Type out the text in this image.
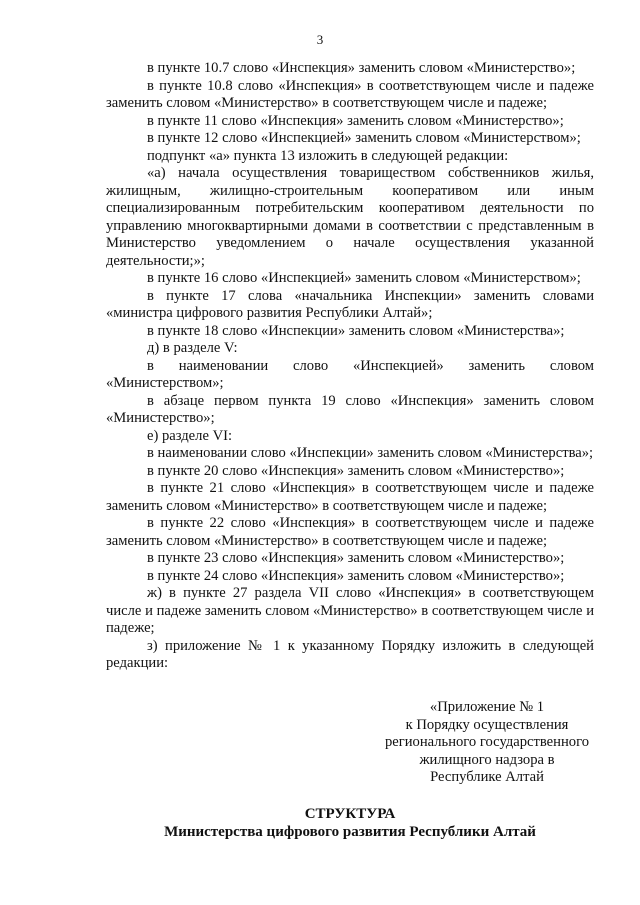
3

в пункте 10.7 слово «Инспекция» заменить словом «Министерство»;

в пункте 10.8 слово «Инспекция» в соответствующем числе и падеже заменить словом «Министерство» в соответствующем числе и падеже;

в пункте 11 слово «Инспекция» заменить словом «Министерство»;

в пункте 12 слово «Инспекцией» заменить словом «Министерством»;

подпункт «а» пункта 13 изложить в следующей редакции:

«а) начала осуществления товариществом собственников жилья, жилищным, жилищно-строительным кооперативом или иным специализированным потребительским кооперативом деятельности по управлению многоквартирными домами в соответствии с представленным в Министерство уведомлением о начале осуществления указанной деятельности;»;

в пункте 16 слово «Инспекцией» заменить словом «Министерством»;

в пункте 17 слова «начальника Инспекции» заменить словами «министра цифрового развития Республики Алтай»;

в пункте 18 слово «Инспекции» заменить словом «Министерства»;

д) в разделе V:

в наименовании слово «Инспекцией» заменить словом «Министерством»;

в абзаце первом пункта 19 слово «Инспекция» заменить словом «Министерство»;

е) разделе VI:

в наименовании слово «Инспекции» заменить словом «Министерства»;

в пункте 20 слово «Инспекция» заменить словом «Министерство»;

в пункте 21 слово «Инспекция» в соответствующем числе и падеже заменить словом «Министерство» в соответствующем числе и падеже;

в пункте 22 слово «Инспекция» в соответствующем числе и падеже заменить словом «Министерство» в соответствующем числе и падеже;

в пункте 23 слово «Инспекция» заменить словом «Министерство»;

в пункте 24 слово «Инспекция» заменить словом «Министерство»;

ж) в пункте 27 раздела VII слово «Инспекция» в соответствующем числе и падеже заменить словом «Министерство» в соответствующем числе и падеже;

з) приложение № 1 к указанному Порядку изложить в следующей редакции:

«Приложение № 1
к Порядку осуществления
регионального государственного
жилищного надзора в
Республике Алтай
СТРУКТУРА
Министерства цифрового развития Республики Алтай
